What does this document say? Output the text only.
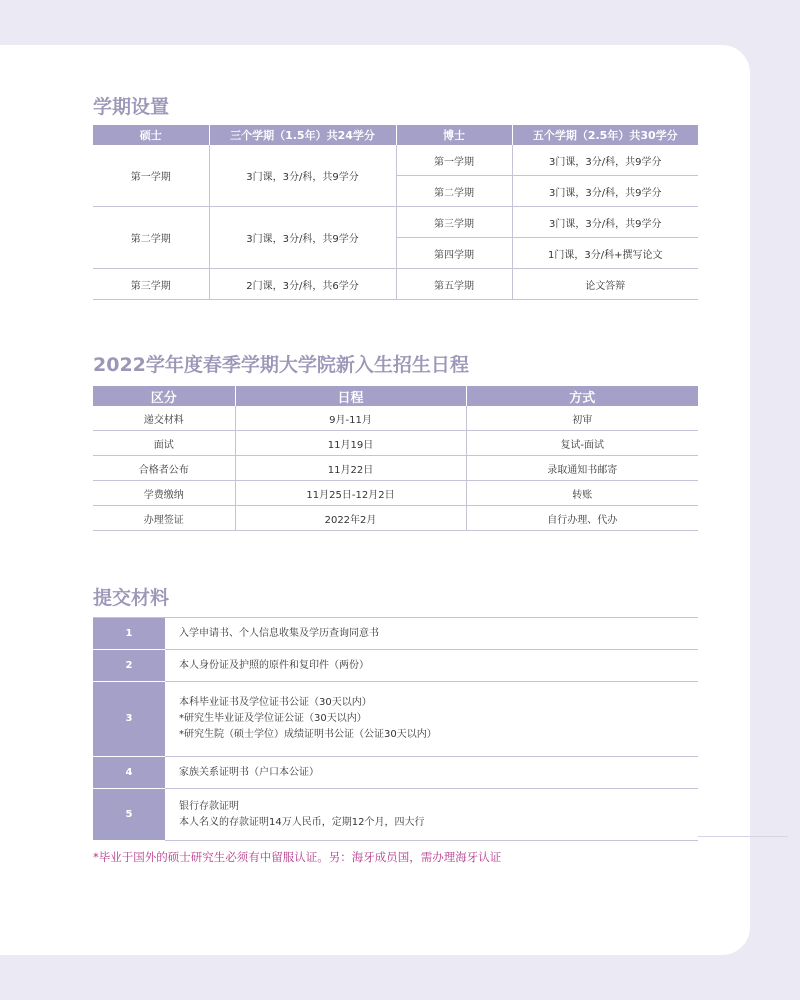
学期设置
硕士	三个学期（1.5年）共24学分	博士	五个学期（2.5年）共30学分
第一学期	3门课，3分/科，共9学分	第一学期	3门课，3分/科，共9学分
		第二学期	3门课，3分/科，共9学分
第二学期	3门课，3分/科，共9学分	第三学期	3门课，3分/科，共9学分
		第四学期	1门课，3分/科+撰写论文
第三学期	2门课，3分/科，共6学分	第五学期	论文答辩
2022学年度春季学期大学院新入生招生日程
区分	日程	方式
递交材料	9月-11月	初审
面试	11月19日	复试-面试
合格者公布	11月22日	录取通知书邮寄
学费缴纳	11月25日-12月2日	转账
办理签证	2022年2月	自行办理、代办
提交材料
1	入学申请书、个人信息收集及学历查询同意书

2	本人身份证及护照的原件和复印件（两份）

3	本科毕业证书及学位证书公证（30天以内）
*研究生毕业证及学位证公证（30天以内）
*研究生院（硕士学位）成绩证明书公证（公证30天以内）

4	家族关系证明书（户口本公证）

5	银行存款证明
本人名义的存款证明14万人民币，定期12个月，四大行
*毕业于国外的硕士研究生必须有中留服认证。另：海牙成员国，需办理海牙认证
